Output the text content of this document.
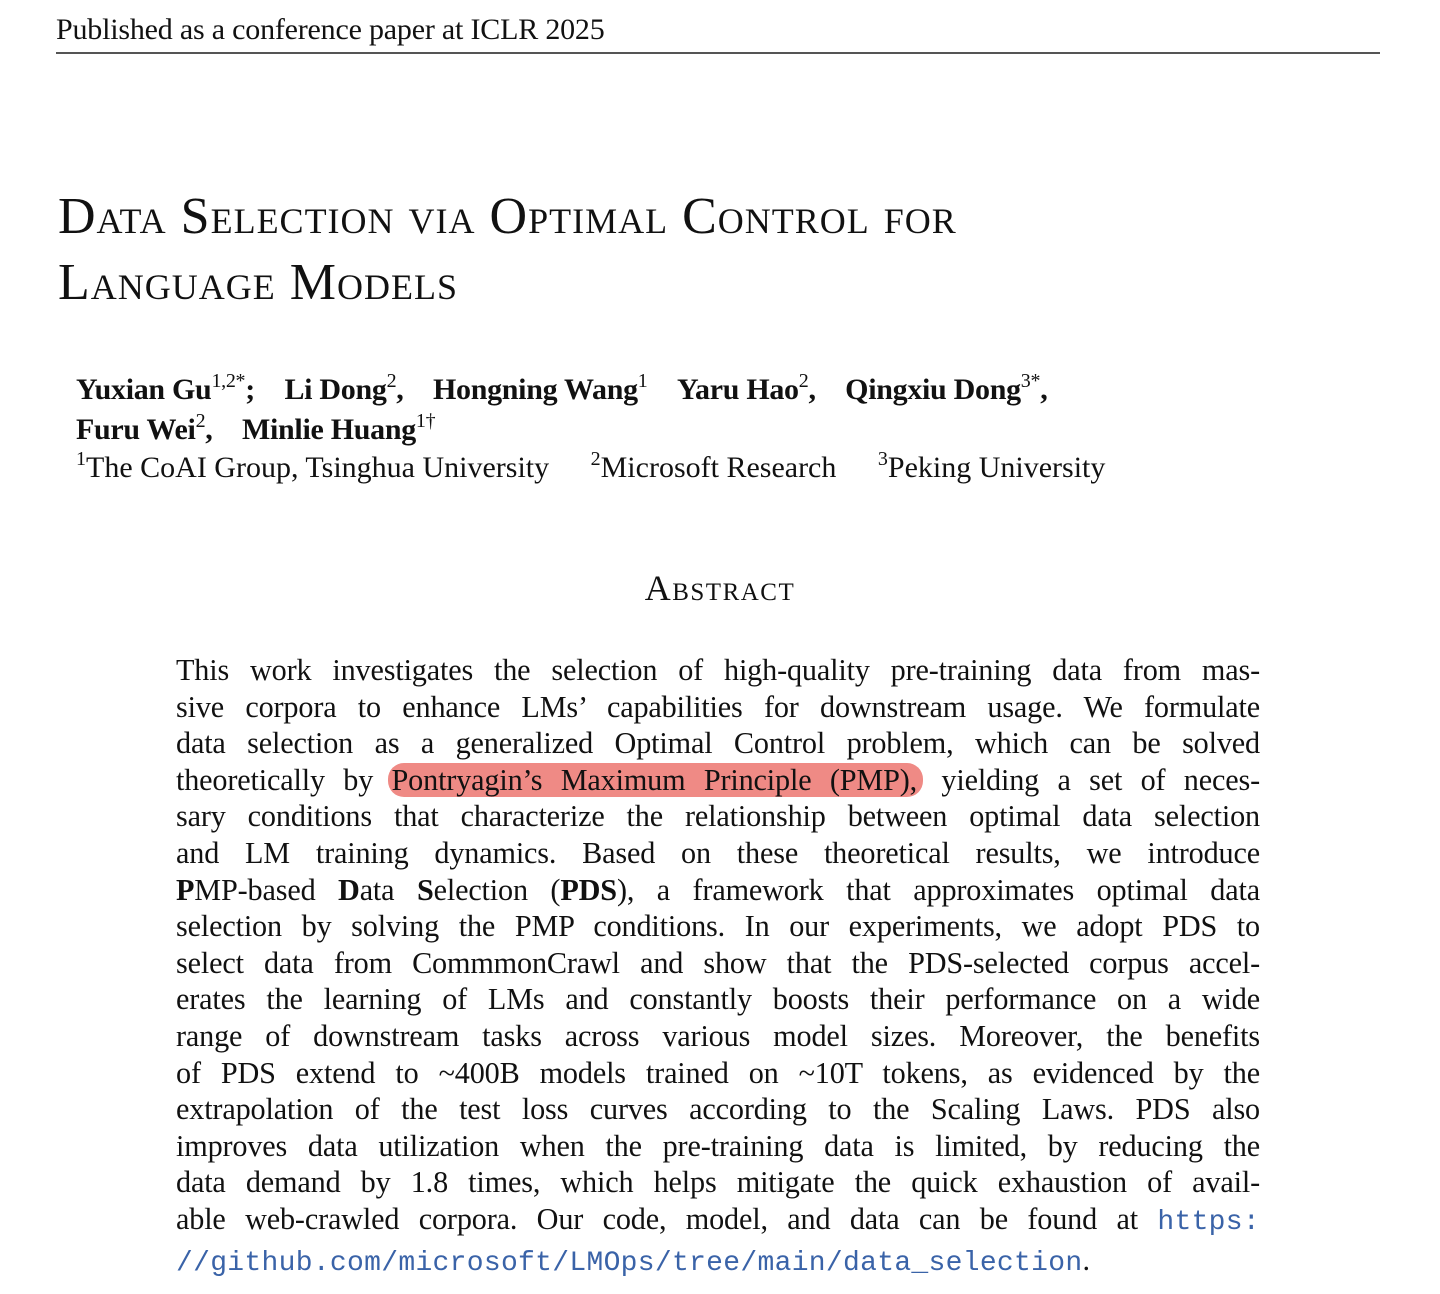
Published as a conference paper at ICLR 2025
Data Selection via Optimal Control for
Language Models
Yuxian $Gu^{1,2*}$; Li Dong$^2$, Hongning Wang$^1$ Yaru Hao$^2$, Qingxiu Dong$^{3*}$,
Furu Wei$^2$, Minlie Huang$^{1\dagger}$
$^1$The CoAI Group, Tsinghua University $^2$Microsoft Research $^3$Peking University
Abstract
This work investigates the selection of high-quality pre-training data from mas-
sive corpora to enhance LMs’ capabilities for downstream usage. We formulate
data selection as a generalized Optimal Control problem, which can be solved
theoretically by Pontryagin’s Maximum Principle (PMP), yielding a set of neces-
sary conditions that characterize the relationship between optimal data selection
and LM training dynamics. Based on these theoretical results, we introduce
PMP-based Data Selection (PDS), a framework that approximates optimal data
selection by solving the PMP conditions. In our experiments, we adopt PDS to
select data from CommmonCrawl and show that the PDS-selected corpus accel-
erates the learning of LMs and constantly boosts their performance on a wide
range of downstream tasks across various model sizes. Moreover, the benefits
of PDS extend to ~400B models trained on ~10T tokens, as evidenced by the
extrapolation of the test loss curves according to the Scaling Laws. PDS also
improves data utilization when the pre-training data is limited, by reducing the
data demand by 1.8 times, which helps mitigate the quick exhaustion of avail-
able web-crawled corpora. Our code, model, and data can be found at https:
//github.com/microsoft/LMOps/tree/main/data_selection.
